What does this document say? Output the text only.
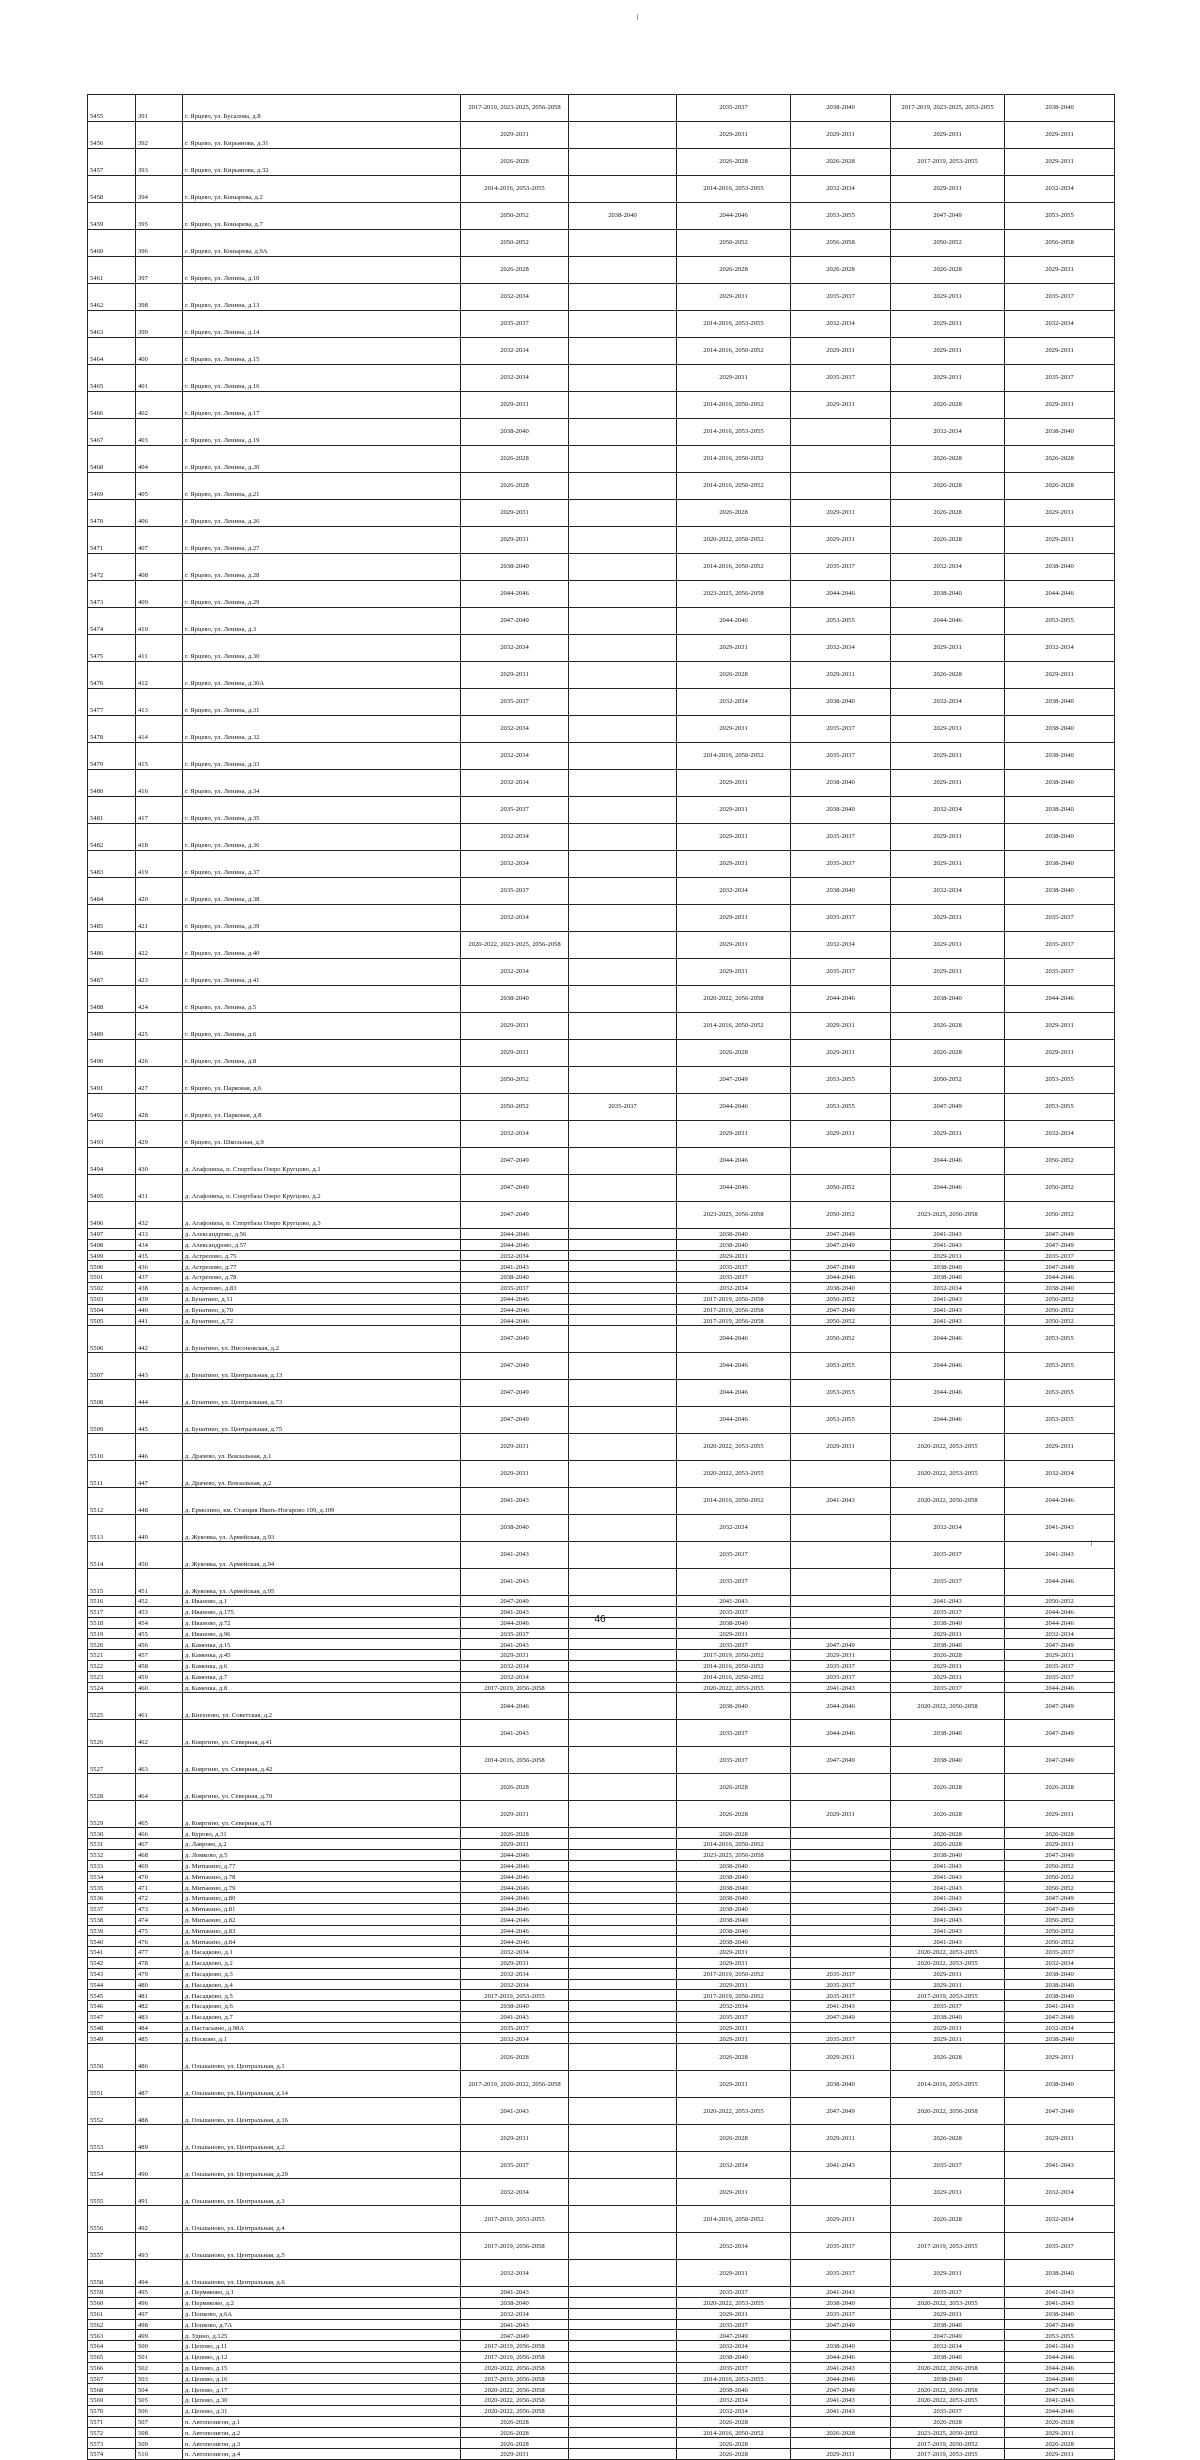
5455	391	г. Ярцево, ул. Бусалова, д.8	2017-2019, 2023-2025, 2056-2058		2035-2037	2038-2040	2017-2019, 2023-2025, 2053-2055	2038-2040
5456	392	г. Ярцево, ул. Кирьянова, д.31	2029-2031		2029-2031	2029-2031	2029-2031	2029-2031
5457	393	г. Ярцево, ул. Кирьянова, д.32	2026-2028		2026-2028	2026-2028	2017-2019, 2053-2055	2029-2031
5458	394	г. Ярцево, ул. Конырева, д.2	2014-2016, 2053-2055		2014-2016, 2053-2055	2032-2034	2029-2031	2032-2034
5459	395	г. Ярцево, ул. Конырева, д.7	2050-2052	2038-2040	2044-2046	2053-2055	2047-2049	2053-2055
5460	396	г. Ярцево, ул. Конырева, д.9А	2050-2052		2050-2052	2056-2058	2050-2052	2056-2058
5461	397	г. Ярцево, ул. Ленина, д.10	2026-2028		2026-2028	2026-2028	2026-2028	2029-2031
5462	398	г. Ярцево, ул. Ленина, д.13	2032-2034		2029-2031	2035-2037	2029-2031	2035-2037
5463	399	г. Ярцево, ул. Ленина, д.14	2035-2037		2014-2016, 2053-2055	2032-2034	2029-2031	2032-2034
5464	400	г. Ярцево, ул. Ленина, д.15	2032-2034		2014-2016, 2050-2052	2029-2031	2029-2031	2029-2031
5465	401	г. Ярцево, ул. Ленина, д.16	2032-2034		2029-2031	2035-2037	2029-2031	2035-2037
5466	402	г. Ярцево, ул. Ленина, д.17	2029-2031		2014-2016, 2050-2052	2029-2031	2026-2028	2029-2031
5467	403	г. Ярцево, ул. Ленина, д.19	2038-2040		2014-2016, 2053-2055		2032-2034	2038-2040
5468	404	г. Ярцево, ул. Ленина, д.20	2026-2028		2014-2016, 2050-2052		2026-2028	2026-2028
5469	405	г. Ярцево, ул. Ленина, д.21	2026-2028		2014-2016, 2050-2052		2026-2028	2026-2028
5470	406	г. Ярцево, ул. Ленина, д.26	2029-2031		2026-2028	2029-2031	2026-2028	2029-2031
5471	407	г. Ярцево, ул. Ленина, д.27	2029-2031		2020-2022, 2050-2052	2029-2031	2026-2028	2029-2031
5472	408	г. Ярцево, ул. Ленина, д.28	2038-2040		2014-2016, 2050-2052	2035-2037	2032-2034	2038-2040
5473	409	г. Ярцево, ул. Ленина, д.29	2044-2046		2023-2025, 2056-2058	2044-2046	2038-2040	2044-2046
5474	410	г. Ярцево, ул. Ленина, д.3	2047-2049		2044-2046	2053-2055	2044-2046	2053-2055
5475	411	г. Ярцево, ул. Ленина, д.30	2032-2034		2029-2031	2032-2034	2029-2031	2032-2034
5476	412	г. Ярцево, ул. Ленина, д.30А	2029-2031		2026-2028	2029-2031	2026-2028	2029-2031
5477	413	г. Ярцево, ул. Ленина, д.31	2035-2037		2032-2034	2038-2040	2032-2034	2038-2040
5478	414	г. Ярцево, ул. Ленина, д.32	2032-2034		2029-2031	2035-2037	2029-2031	2038-2040
5479	415	г. Ярцево, ул. Ленина, д.33	2032-2034		2014-2016, 2050-2052	2035-2037	2029-2031	2038-2040
5480	416	г. Ярцево, ул. Ленина, д.34	2032-2034		2029-2031	2038-2040	2029-2031	2038-2040
5481	417	г. Ярцево, ул. Ленина, д.35	2035-2037		2029-2031	2038-2040	2032-2034	2038-2040
5482	418	г. Ярцево, ул. Ленина, д.36	2032-2034		2029-2031	2035-2037	2029-2031	2038-2040
5483	419	г. Ярцево, ул. Ленина, д.37	2032-2034		2029-2031	2035-2037	2029-2031	2038-2040
5484	420	г. Ярцево, ул. Ленина, д.38	2035-2037		2032-2034	2038-2040	2032-2034	2038-2040
5485	421	г. Ярцево, ул. Ленина, д.39	2032-2034		2029-2031	2035-2037	2029-2031	2035-2037
5486	422	г. Ярцево, ул. Ленина, д.40	2020-2022, 2023-2025, 2056-2058		2029-2031	2032-2034	2029-2031	2035-2037
5487	423	г. Ярцево, ул. Ленина, д.41	2032-2034		2029-2031	2035-2037	2029-2031	2035-2037
5488	424	г. Ярцево, ул. Ленина, д.5	2038-2040		2020-2022, 2056-2058	2044-2046	2038-2040	2044-2046
5489	425	г. Ярцево, ул. Ленина, д.6	2029-2031		2014-2016, 2050-2052	2029-2031	2026-2028	2029-2031
5490	426	г. Ярцево, ул. Ленина, д.8	2029-2031		2026-2028	2029-2031	2026-2028	2029-2031
5491	427	г. Ярцево, ул. Парковая, д.6	2050-2052		2047-2049	2053-2055	2050-2052	2053-2055
5492	428	г. Ярцево, ул. Парковая, д.8	2050-2052	2035-2037	2044-2046	2053-2055	2047-2049	2053-2055
5493	429	г. Ярцево, ул. Школьная, д.9	2032-2034		2029-2031	2029-2031	2029-2031	2032-2034
5494	430	д. Агафониха, п. Спортбаза Озеро Кругцово, д.1	2047-2049		2044-2046		2044-2046	2050-2052
5495	431	д. Агафониха, п. Спортбаза Озеро Кругцово, д.2	2047-2049		2044-2046	2050-2052	2044-2046	2050-2052
5496	432	д. Агафониха, п. Спортбаза Озеро Кругцово, д.3	2047-2049		2023-2025, 2056-2058	2050-2052	2023-2025, 2056-2058	2050-2052
5497	433	д. Александрово, д.56	2044-2046		2038-2040	2047-2049	2041-2043	2047-2049
5498	434	д. Александрово, д.57	2044-2046		2038-2040	2047-2049	2041-2043	2047-2049
5499	435	д. Астрепово, д.75	2032-2034		2029-2031		2029-2031	2035-2037
5500	436	д. Астрепово, д.77	2041-2043		2035-2037	2047-2049	2038-2040	2047-2049
5501	437	д. Астрепово, д.78	2038-2040		2035-2037	2044-2046	2038-2040	2044-2046
5502	438	д. Астрепово, д.83	2035-2037		2032-2034	2038-2040	2032-2034	2038-2040
5503	439	д. Бунатино, д.11	2044-2046		2017-2019, 2056-2058	2050-2052	2041-2043	2050-2052
5504	440	д. Бунатино, д.70	2044-2046		2017-2019, 2056-2058	2047-2049	2041-2043	2050-2052
5505	441	д. Бунатино, д.72	2044-2046		2017-2019, 2056-2058	2050-2052	2041-2043	2050-2052
5506	442	д. Бунатино, ул. Нисоновская, д.2	2047-2049		2044-2046	2050-2052	2044-2046	2053-2055
5507	443	д. Бунатино, ул. Центральная, д.13	2047-2049		2044-2046	2053-2055	2044-2046	2053-2055
5508	444	д. Бунатино, ул. Центральная, д.73	2047-2049		2044-2046	2053-2055	2044-2046	2053-2055
5509	445	д. Бунатино, ул. Центральная, д.75	2047-2049		2044-2046	2053-2055	2044-2046	2053-2055
5510	446	д. Драчево, ул. Вокзальная, д.1	2029-2031		2020-2022, 2053-2055	2029-2031	2020-2022, 2053-2055	2029-2031
5511	447	д. Драчево, ул. Вокзальная, д.2	2029-2031		2020-2022, 2053-2055		2020-2022, 2053-2055	2032-2034
5512	448	д. Ермолино, км. Станция Ивать-Ногарово 109, д.109	2041-2043		2014-2016, 2050-2052	2041-2043	2020-2022, 2056-2058	2044-2046
5513	449	д. Жуковка, ул. Армейская, д.93	2038-2040		2032-2034		2032-2034	2041-2043
5514	450	д. Жуковка, ул. Армейская, д.94	2041-2043		2035-2037		2035-2037	2041-2043
5515	451	д. Жуковка, ул. Армейская, д.95	2041-2043		2035-2037		2035-2037	2044-2046
5516	452	д. Иваново, д.1	2047-2049		2041-2043		2041-2043	2050-2052
5517	453	д. Иваново, д.175	2041-2043		2035-2037		2035-2037	2044-2046
5518	454	д. Иваново, д.72	2044-2046		2038-2040		2038-2040	2044-2046
5519	455	д. Иваново, д.96	2035-2037		2029-2031		2029-2031	2032-2034
5520	456	д. Каменка, д.15	2041-2043		2035-2037	2047-2049	2038-2040	2047-2049
5521	457	д. Каменка, д.45	2029-2031		2017-2019, 2050-2052	2029-2031	2026-2028	2029-2031
5522	458	д. Каменка, д.6	2032-2034		2014-2016, 2050-2052	2035-2037	2029-2031	2035-2037
5523	459	д. Каменка, д.7	2032-2034		2014-2016, 2050-2052	2035-2037	2029-2031	2035-2037
5524	460	д. Каменка, д.8	2017-2019, 2056-2058		2020-2022, 2053-2055	2041-2043	2035-2037	2044-2046
5525	461	д. Кнехново, ул. Советская, д.2	2044-2046		2038-2040	2044-2046	2020-2022, 2056-2058	2047-2049
5526	462	д. Кояргино, ул. Северная, д.41	2041-2043		2035-2037	2044-2046	2038-2040	2047-2049
5527	463	д. Кояргино, ул. Северная, д.42	2014-2016, 2056-2058		2035-2037	2047-2049	2038-2040	2047-2049
5528	464	д. Кояргино, ул. Северная, д.70	2026-2028		2026-2028		2026-2028	2026-2028
5529	465	д. Кояргино, ул. Северная, д.71	2029-2031		2026-2028	2029-2031	2026-2028	2029-2031
5530	466	д. Курово, д.31	2026-2028		2026-2028		2026-2028	2026-2028
5531	467	д. Лаврово, д.2	2029-2031		2014-2016, 2050-2052		2026-2028	2029-2031
5532	468	д. Ломково, д.5	2044-2046		2023-2025, 2056-2058		2038-2040	2047-2049
5533	469	д. Митькино, д.77	2044-2046		2038-2040		2041-2043	2050-2052
5534	470	д. Митькино, д.78	2044-2046		2038-2040		2041-2043	2050-2052
5535	471	д. Митькино, д.79	2044-2046		2038-2040		2041-2043	2050-2052
5536	472	д. Митькино, д.80	2044-2046		2038-2040		2041-2043	2047-2049
5537	473	д. Митькино, д.81	2044-2046		2038-2040		2041-2043	2047-2049
5538	474	д. Митькино, д.82	2044-2046		2038-2040		2041-2043	2050-2052
5539	475	д. Митькино, д.83	2044-2046		2038-2040		2041-2043	2050-2052
5540	476	д. Митькино, д.84	2044-2046		2038-2040		2041-2043	2050-2052
5541	477	д. Насадково, д.1	2032-2034		2029-2031		2020-2022, 2053-2055	2035-2037
5542	478	д. Насадково, д.2	2029-2031		2029-2031		2020-2022, 2053-2055	2032-2034
5543	479	д. Насадково, д.3	2032-2034		2017-2019, 2050-2052	2035-2037	2029-2031	2038-2040
5544	480	д. Насадково, д.4	2032-2034		2029-2031	2035-2037	2029-2031	2038-2040
5545	481	д. Насадково, д.5	2017-2019, 2053-2055		2017-2019, 2050-2052	2035-2037	2017-2019, 2053-2055	2038-2040
5546	482	д. Насадково, д.6	2038-2040		2032-2034	2041-2043	2035-2037	2041-2043
5547	483	д. Насадково, д.7	2041-2043		2035-2037	2047-2049	2038-2040	2047-2049
5548	484	д. Настасьино, д.98А	2035-2037		2029-2031		2029-2031	2032-2034
5549	485	д. Носково, д.1	2032-2034		2029-2031	2035-2037	2029-2031	2038-2040
5550	486	д. Ольшаново, ул. Центральная, д.1	2026-2028		2026-2028	2029-2031	2026-2028	2029-2031
5551	487	д. Ольшаново, ул. Центральная, д.14	2017-2019, 2020-2022, 2056-2058		2029-2031	2038-2040	2014-2016, 2053-2055	2038-2040
5552	488	д. Ольшаново, ул. Центральная, д.16	2041-2043		2020-2022, 2053-2055	2047-2049	2020-2022, 2056-2058	2047-2049
5553	489	д. Ольшаново, ул. Центральная, д.2	2029-2031		2026-2028	2029-2031	2026-2028	2029-2031
5554	490	д. Ольшаново, ул. Центральная, д.29	2035-2037		2032-2034	2041-2043	2035-2037	2041-2043
5555	491	д. Ольшаново, ул. Центральная, д.3	2032-2034		2029-2031		2029-2031	2032-2034
5556	492	д. Ольшаново, ул. Центральная, д.4	2017-2019, 2053-2055		2014-2016, 2050-2052	2029-2031	2026-2028	2032-2034
5557	493	д. Ольшаново, ул. Центральная, д.5	2017-2019, 2056-2058		2032-2034	2035-2037	2017-2019, 2053-2055	2035-2037
5558	494	д. Ольшаново, ул. Центральная, д.6	2032-2034		2029-2031	2035-2037	2029-2031	2038-2040
5559	495	д. Пермяково, д.1	2041-2043		2035-2037	2041-2043	2035-2037	2041-2043
5560	496	д. Пермяково, д.2	2038-2040		2020-2022, 2053-2055	2038-2040	2020-2022, 2053-2055	2041-2043
5561	497	д. Попково, д.6А	2032-2034		2029-2031	2035-2037	2029-2031	2038-2040
5562	498	д. Попково, д.7А	2041-2043		2035-2037	2047-2049	2038-2040	2047-2049
5563	499	д. Удино, д.125	2047-2049		2047-2049		2047-2049	2053-2055
5564	500	д. Цепово, д.11	2017-2019, 2056-2058		2032-2034	2038-2040	2032-2034	2041-2043
5565	501	д. Цепово, д.12	2017-2019, 2056-2058		2038-2040	2044-2046	2038-2040	2044-2046
5566	502	д. Цепово, д.15	2020-2022, 2056-2058		2035-2037	2041-2043	2020-2022, 2056-2058	2044-2046
5567	503	д. Цепово, д.16	2017-2019, 2056-2058		2014-2016, 2053-2055	2044-2046	2038-2040	2044-2046
5568	504	д. Цепово, д.17	2020-2022, 2056-2058		2038-2040	2047-2049	2020-2022, 2056-2058	2047-2049
5569	505	д. Цепово, д.30	2020-2022, 2056-2058		2032-2034	2041-2043	2020-2022, 2053-2055	2041-2043
5570	506	д. Цепово, д.31	2020-2022, 2056-2058		2032-2034	2041-2043	2035-2037	2044-2046
5571	507	п. Автополигон, д.1	2026-2028		2026-2028		2026-2028	2026-2028
5572	508	п. Автополигон, д.2	2026-2028		2014-2016, 2050-2052	2026-2028	2023-2025, 2050-2052	2029-2031
5573	509	п. Автополигон, д.3	2026-2028		2026-2028		2017-2019, 2050-2052	2026-2028
5574	510	п. Автополигон, д.4	2029-2031		2026-2028	2029-2031	2017-2019, 2053-2055	2029-2031
46
